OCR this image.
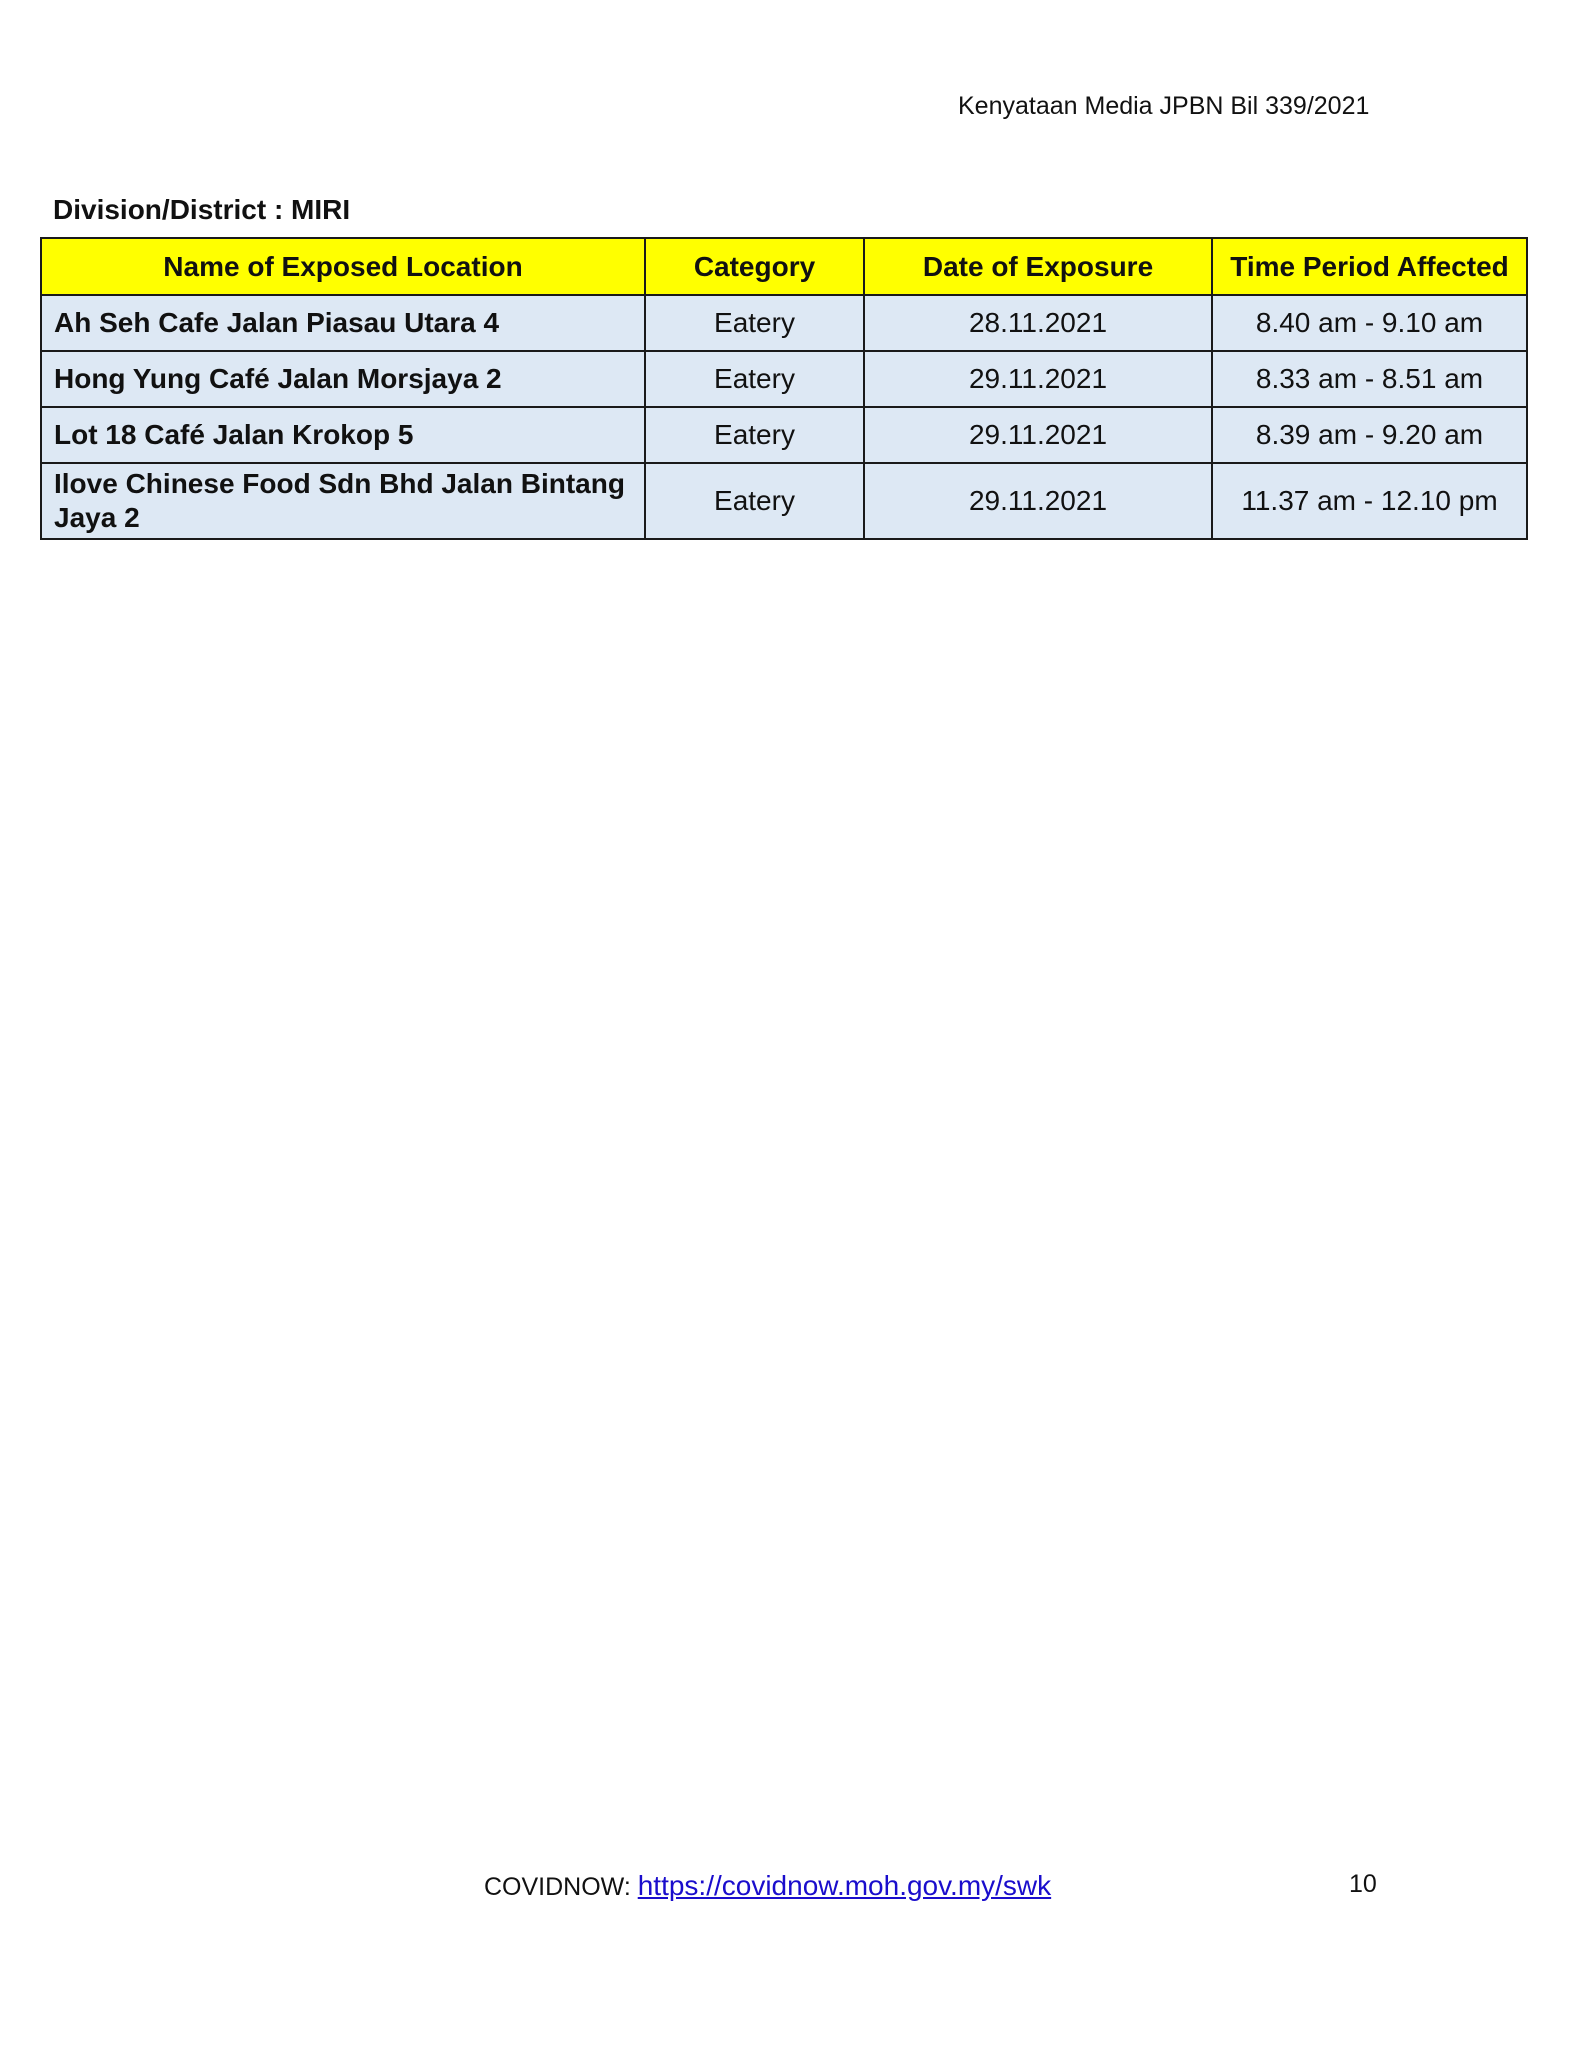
Kenyataan Media JPBN Bil 339/2021
Division/District : MIRI
Name of Exposed Location	Category	Date of Exposure	Time Period Affected
Ah Seh Cafe Jalan Piasau Utara 4	Eatery	28.11.2021	8.40 am - 9.10 am
Hong Yung Café Jalan Morsjaya 2	Eatery	29.11.2021	8.33 am - 8.51 am
Lot 18 Café Jalan Krokop 5	Eatery	29.11.2021	8.39 am - 9.20 am
Ilove Chinese Food Sdn Bhd Jalan Bintang Jaya 2	Eatery	29.11.2021	11.37 am - 12.10 pm
COVIDNOW: https://covidnow.moh.gov.my/swk	10
